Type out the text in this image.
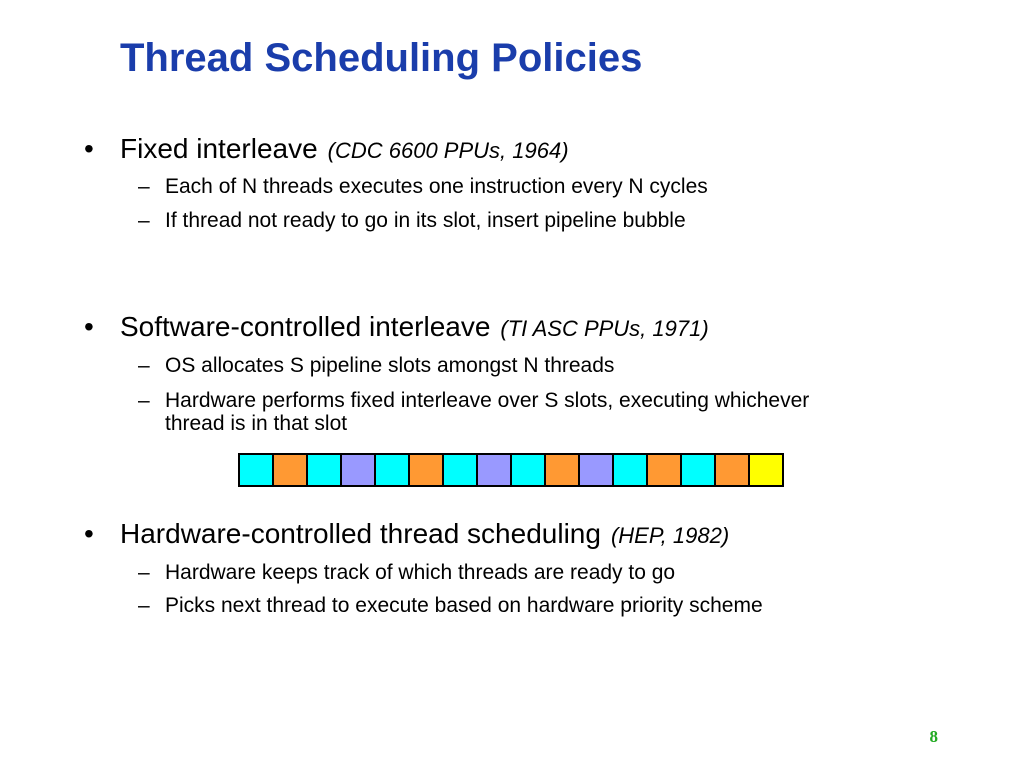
Thread Scheduling Policies
• Fixed interleave (CDC 6600 PPUs, 1964)
– Each of N threads executes one instruction every N cycles
– If thread not ready to go in its slot, insert pipeline bubble
• Software-controlled interleave (TI ASC PPUs, 1971)
– OS allocates S pipeline slots amongst N threads
– Hardware performs fixed interleave over S slots, executing whichever
thread is in that slot
• Hardware-controlled thread scheduling (HEP, 1982)
– Hardware keeps track of which threads are ready to go
– Picks next thread to execute based on hardware priority scheme
8
